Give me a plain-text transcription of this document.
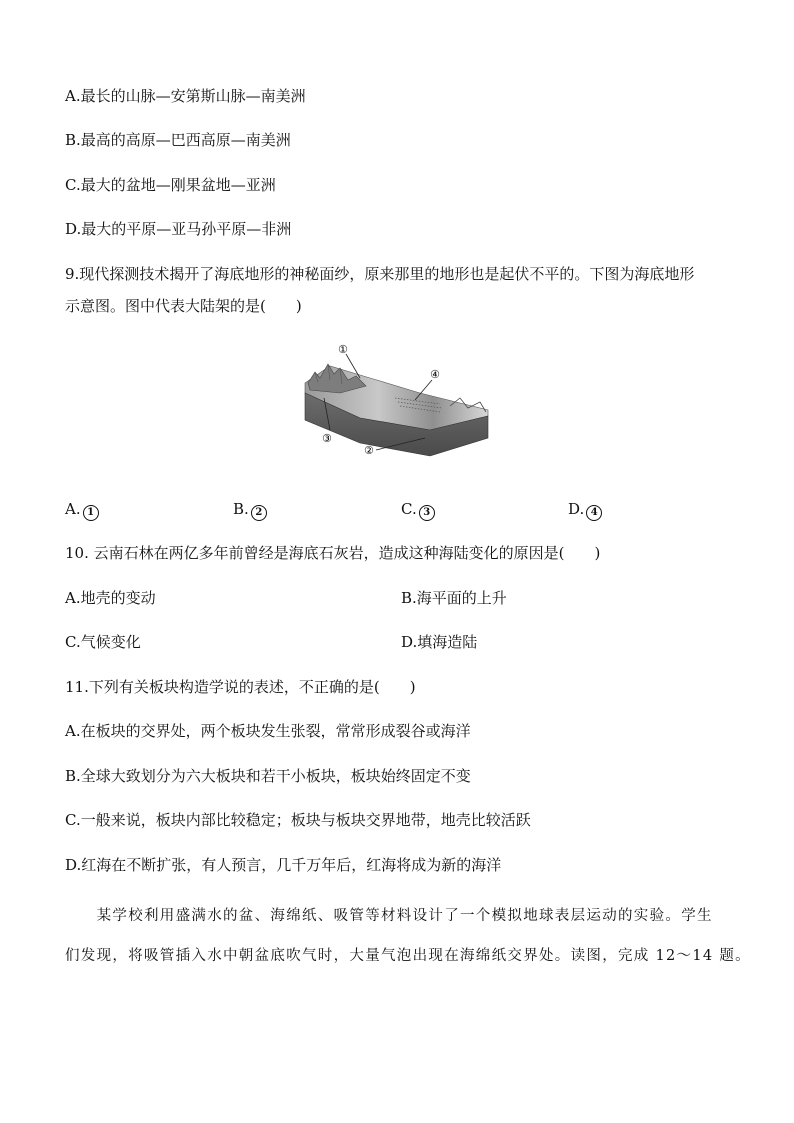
A.最长的山脉—安第斯山脉—南美洲
B.最高的高原—巴西高原—南美洲
C.最大的盆地—刚果盆地—亚洲
D.最大的平原—亚马孙平原—非洲
9.现代探测技术揭开了海底地形的神秘面纱，原来那里的地形也是起伏不平的。下图为海底地形
示意图。图中代表大陆架的是(　　)
①
④
③
②
A. 1	B. 2	C. 3	D. 4
10. 云南石林在两亿多年前曾经是海底石灰岩，造成这种海陆变化的原因是(　　)
A.地壳的变动	B.海平面的上升
C.气候变化	D.填海造陆
11.下列有关板块构造学说的表述，不正确的是(　　)
A.在板块的交界处，两个板块发生张裂，常常形成裂谷或海洋
B.全球大致划分为六大板块和若干小板块，板块始终固定不变
C.一般来说，板块内部比较稳定；板块与板块交界地带，地壳比较活跃
D.红海在不断扩张，有人预言，几千万年后，红海将成为新的海洋
　　某学校利用盛满水的盆、海绵纸、吸管等材料设计了一个模拟地球表层运动的实验。学生
们发现，将吸管插入水中朝盆底吹气时，大量气泡出现在海绵纸交界处。读图，完成 12～14 题。
